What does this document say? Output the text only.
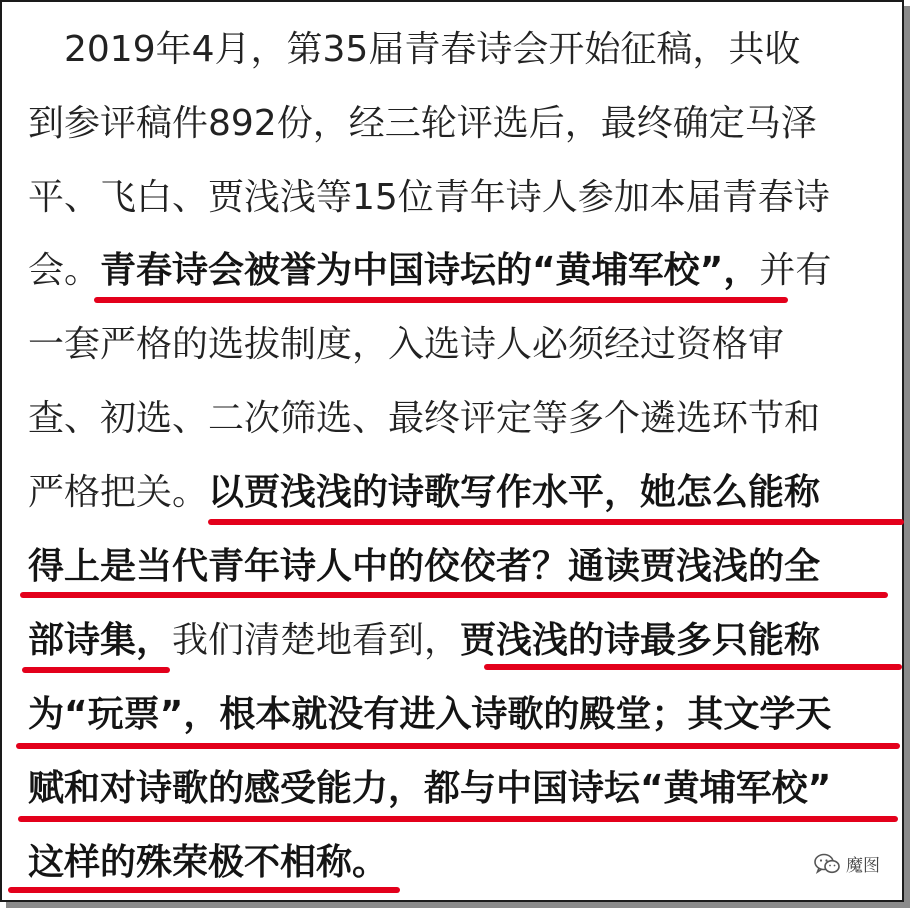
　2019年4月，第35届青春诗会开始征稿，共收
到参评稿件892份，经三轮评选后，最终确定马泽
平、飞白、贾浅浅等15位青年诗人参加本届青春诗
会。青春诗会被誉为中国诗坛的“黄埔军校”，并有
一套严格的选拔制度，入选诗人必须经过资格审
查、初选、二次筛选、最终评定等多个遴选环节和
严格把关。以贾浅浅的诗歌写作水平，她怎么能称
得上是当代青年诗人中的佼佼者？通读贾浅浅的全
部诗集，我们清楚地看到，贾浅浅的诗最多只能称
为“玩票”，根本就没有进入诗歌的殿堂；其文学天
赋和对诗歌的感受能力，都与中国诗坛“黄埔军校”
这样的殊荣极不相称。	魔图
